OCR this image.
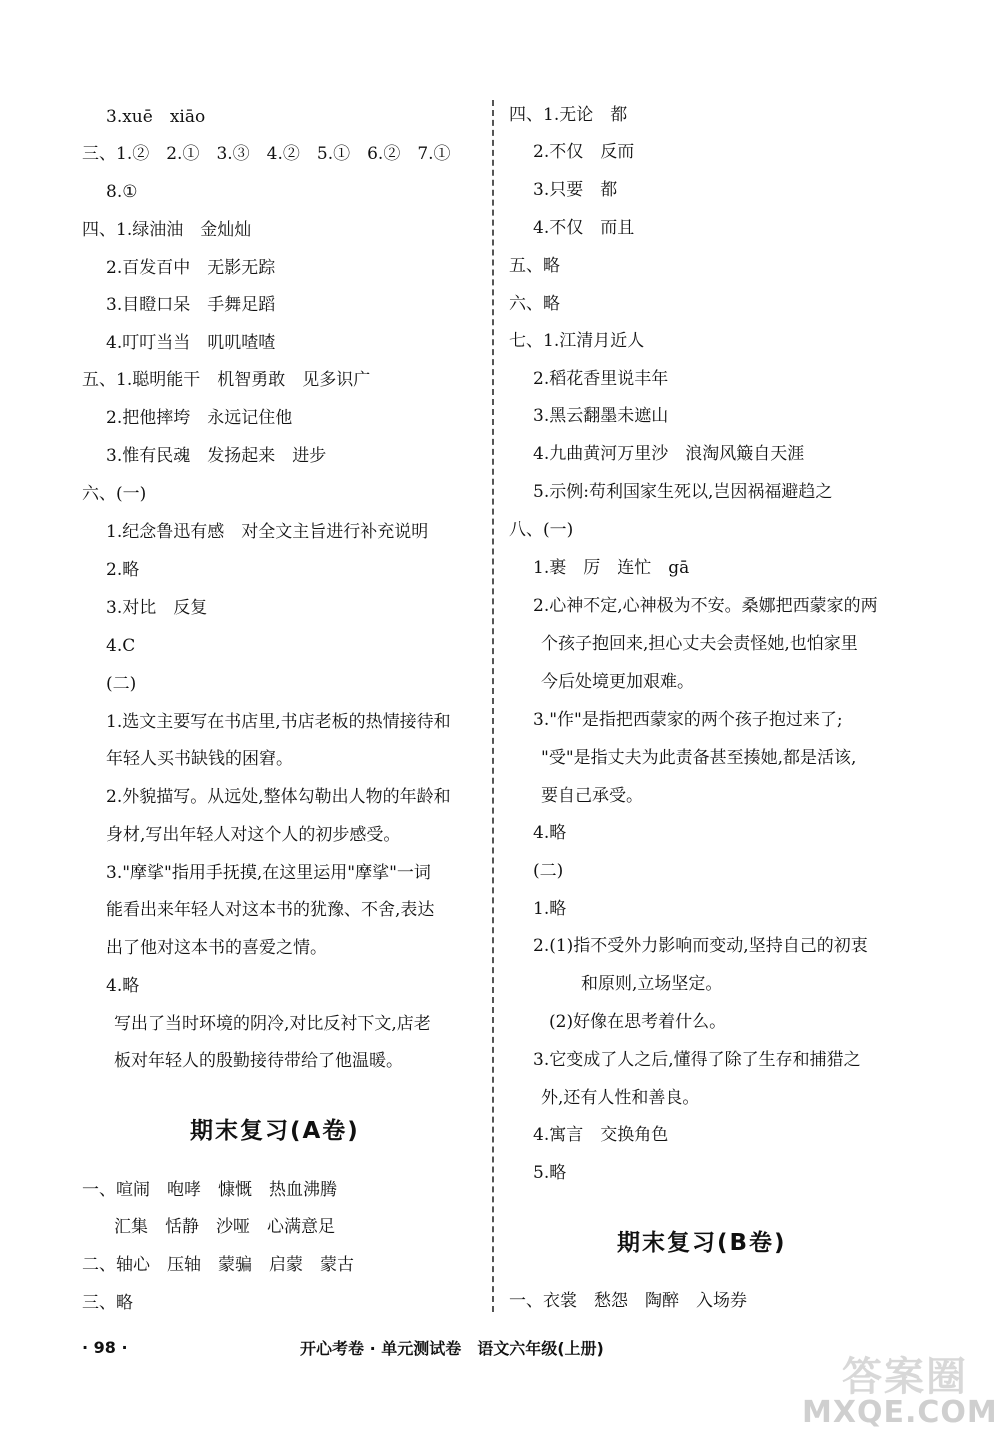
3.xuē　xiāo
三、1.②　2.①　3.③　4.②　5.①　6.②　7.①
8.①
四、1.绿油油　金灿灿
2.百发百中　无影无踪
3.目瞪口呆　手舞足蹈
4.叮叮当当　叽叽喳喳
五、1.聪明能干　机智勇敢　见多识广
2.把他摔垮　永远记住他
3.惟有民魂　发扬起来　进步
六、(一)
1.纪念鲁迅有感　对全文主旨进行补充说明
2.略
3.对比　反复
4.C
(二)
1.选文主要写在书店里,书店老板的热情接待和
年轻人买书缺钱的困窘。
2.外貌描写。从远处,整体勾勒出人物的年龄和
身材,写出年轻人对这个人的初步感受。
3."摩挲"指用手抚摸,在这里运用"摩挲"一词
能看出来年轻人对这本书的犹豫、不舍,表达
出了他对这本书的喜爱之情。
4.略
写出了当时环境的阴冷,对比反衬下文,店老
板对年轻人的殷勤接待带给了他温暖。
期末复习(A卷)
一、喧闹　咆哮　慷慨　热血沸腾
汇集　恬静　沙哑　心满意足
二、轴心　压轴　蒙骗　启蒙　蒙古
三、略
四、1.无论　都
2.不仅　反而
3.只要　都
4.不仅　而且
五、略
六、略
七、1.江清月近人
2.稻花香里说丰年
3.黑云翻墨未遮山
4.九曲黄河万里沙　浪淘风簸自天涯
5.示例:苟利国家生死以,岂因祸福避趋之
八、(一)
1.裹　厉　连忙　gā
2.心神不定,心神极为不安。桑娜把西蒙家的两
个孩子抱回来,担心丈夫会责怪她,也怕家里
今后处境更加艰难。
3."作"是指把西蒙家的两个孩子抱过来了;
"受"是指丈夫为此责备甚至揍她,都是活该,
要自己承受。
4.略
(二)
1.略
2.(1)指不受外力影响而变动,坚持自己的初衷
和原则,立场坚定。
(2)好像在思考着什么。
3.它变成了人之后,懂得了除了生存和捕猎之
外,还有人性和善良。
4.寓言　交换角色
5.略
期末复习(B卷)
一、衣裳　愁怨　陶醉　入场券
· 98 ·	开心考卷 · 单元测试卷　语文六年级(上册)
答案圈
MXQE.COM
